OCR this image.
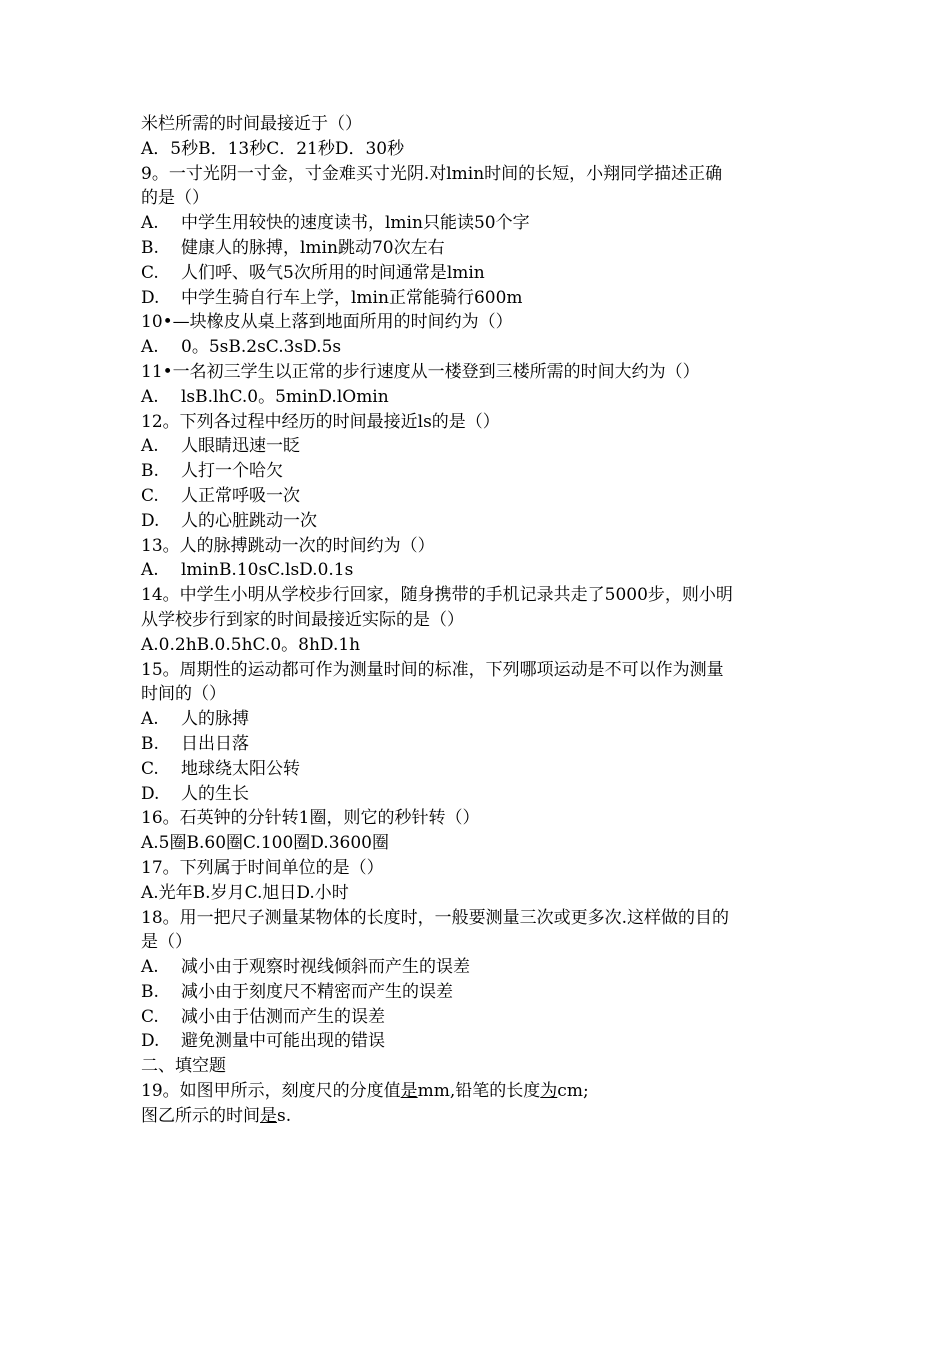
米栏所需的时间最接近于（）
A．5秒B．13秒C．21秒D．30秒
9。一寸光阴一寸金，寸金难买寸光阴.对lmin时间的长短，小翔同学描述正确
的是（）
A. 中学生用较快的速度读书，lmin只能读50个字
B. 健康人的脉搏，lmin跳动70次左右
C. 人们呼、吸气5次所用的时间通常是lmin
D. 中学生骑自行车上学，lmin正常能骑行600m
10•—块橡皮从桌上落到地面所用的时间约为（）
A. 0。5sB.2sC.3sD.5s
11•一名初三学生以正常的步行速度从一楼登到三楼所需的时间大约为（）
A. lsB.lhC.0。5minD.lOmin
12。下列各过程中经历的时间最接近ls的是（）
A. 人眼睛迅速一眨
B. 人打一个哈欠
C. 人正常呼吸一次
D. 人的心脏跳动一次
13。人的脉搏跳动一次的时间约为（）
A. lminB.10sC.lsD.0.1s
14。中学生小明从学校步行回家，随身携带的手机记录共走了5000步，则小明
从学校步行到家的时间最接近实际的是（）
A.0.2hB.0.5hC.0。8hD.1h
15。周期性的运动都可作为测量时间的标准，下列哪项运动是不可以作为测量
时间的（）
A. 人的脉搏
B. 日出日落
C. 地球绕太阳公转
D. 人的生长
16。石英钟的分针转1圈，则它的秒针转（）
A.5圈B.60圈C.100圈D.3600圈
17。下列属于时间单位的是（）
A.光年B.岁月C.旭日D.小时
18。用一把尺子测量某物体的长度时，一般要测量三次或更多次.这样做的目的
是（）
A. 减小由于观察时视线倾斜而产生的误差
B. 减小由于刻度尺不精密而产生的误差
C. 减小由于估测而产生的误差
D. 避免测量中可能出现的错误
二、填空题
19。如图甲所示，刻度尺的分度值是mm,铅笔的长度为cm;
图乙所示的时间是s.
